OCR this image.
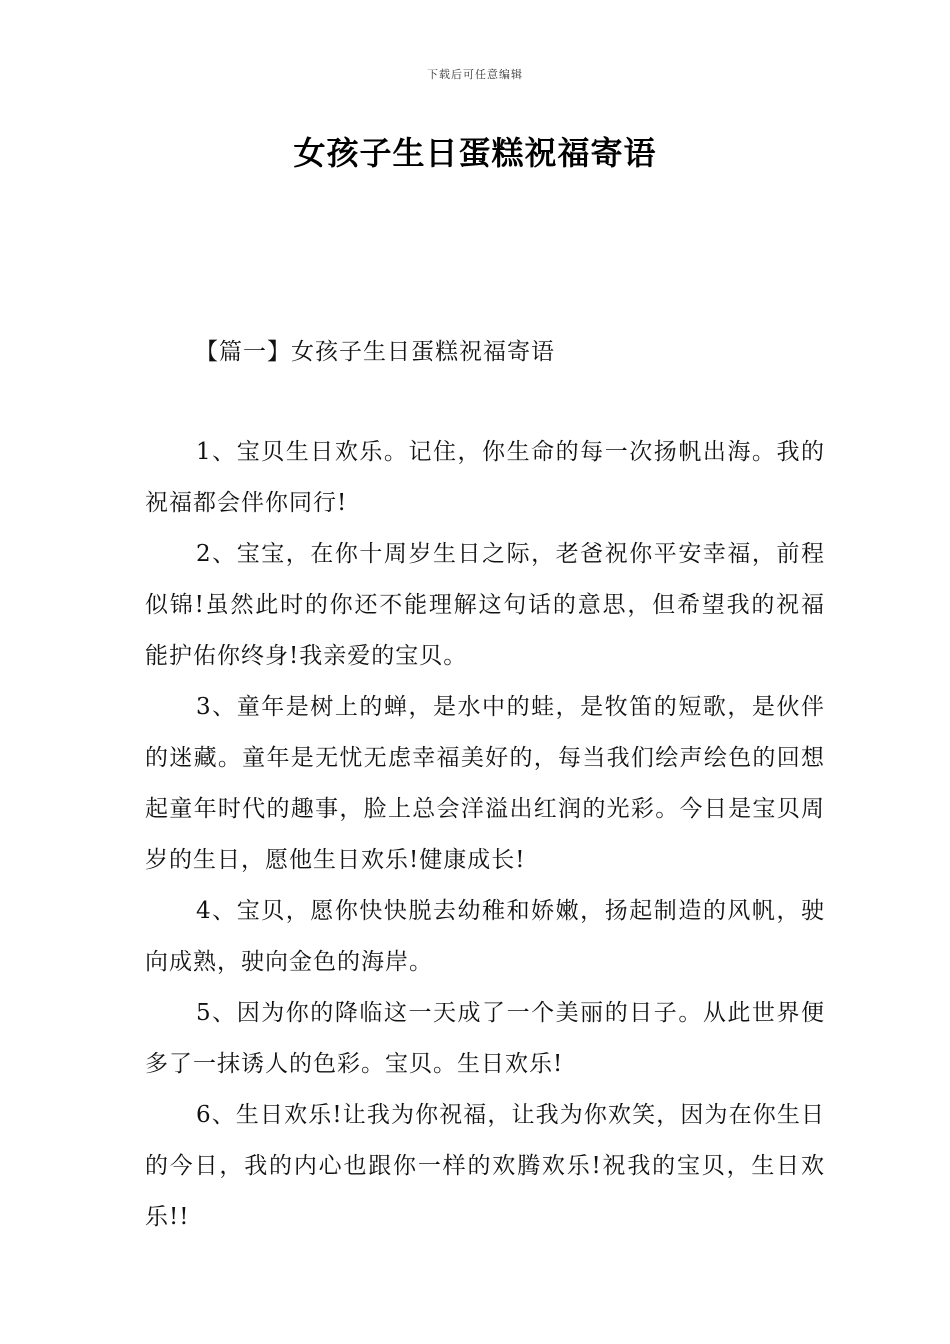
下载后可任意编辑
女孩子生日蛋糕祝福寄语
【篇一】女孩子生日蛋糕祝福寄语

1、宝贝生日欢乐。记住，你生命的每一次扬帆出海。我的祝福都会伴你同行!

2、宝宝，在你十周岁生日之际，老爸祝你平安幸福，前程似锦!虽然此时的你还不能理解这句话的意思，但希望我的祝福能护佑你终身!我亲爱的宝贝。

3、童年是树上的蝉，是水中的蛙，是牧笛的短歌，是伙伴的迷藏。童年是无忧无虑幸福美好的，每当我们绘声绘色的回想起童年时代的趣事，脸上总会洋溢出红润的光彩。今日是宝贝周岁的生日，愿他生日欢乐!健康成长!

4、宝贝，愿你快快脱去幼稚和娇嫩，扬起制造的风帆，驶向成熟，驶向金色的海岸。

5、因为你的降临这一天成了一个美丽的日子。从此世界便多了一抹诱人的色彩。宝贝。生日欢乐!

6、生日欢乐!让我为你祝福，让我为你欢笑，因为在你生日的今日，我的内心也跟你一样的欢腾欢乐!祝我的宝贝，生日欢乐!!
